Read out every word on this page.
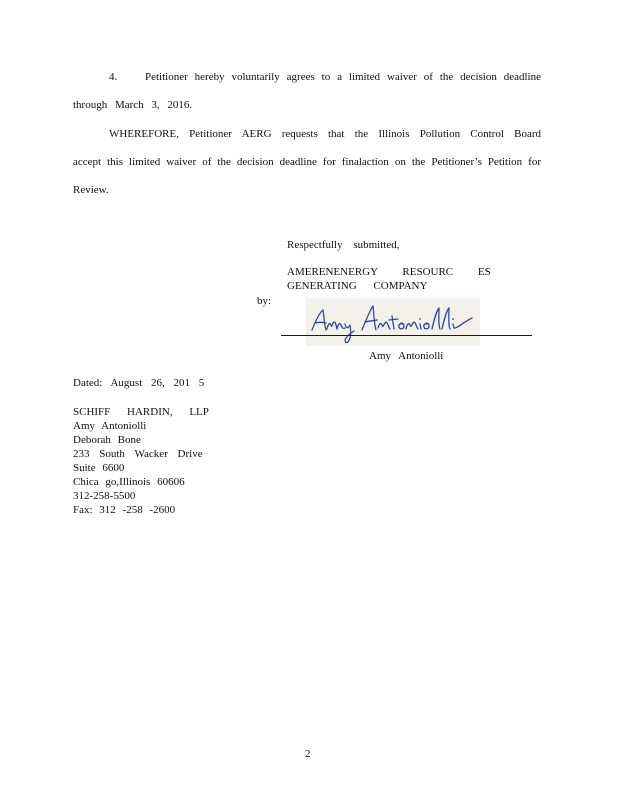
4.	Petitioner hereby voluntarily agrees to a limited waiver of the decision deadline
through March 3, 2016.
WHEREFORE, Petitioner AERG requests that the Illinois Pollution Control Board
accept this limited waiver of the decision deadline for finalaction on the Petitioner’s Petition for
Review.
Respectfully submitted,
AMERENENERGY RESOURC ES
GENERATING COMPANY
by:
Amy Antoniolli
Dated: August 26, 201 5
SCHIFF HARDIN, LLP
Amy Antoniolli
Deborah Bone
233 South Wacker Drive
Suite 6600
Chica go,Illinois 60606
312-258-5500
Fax: 312 -258 -2600
2
